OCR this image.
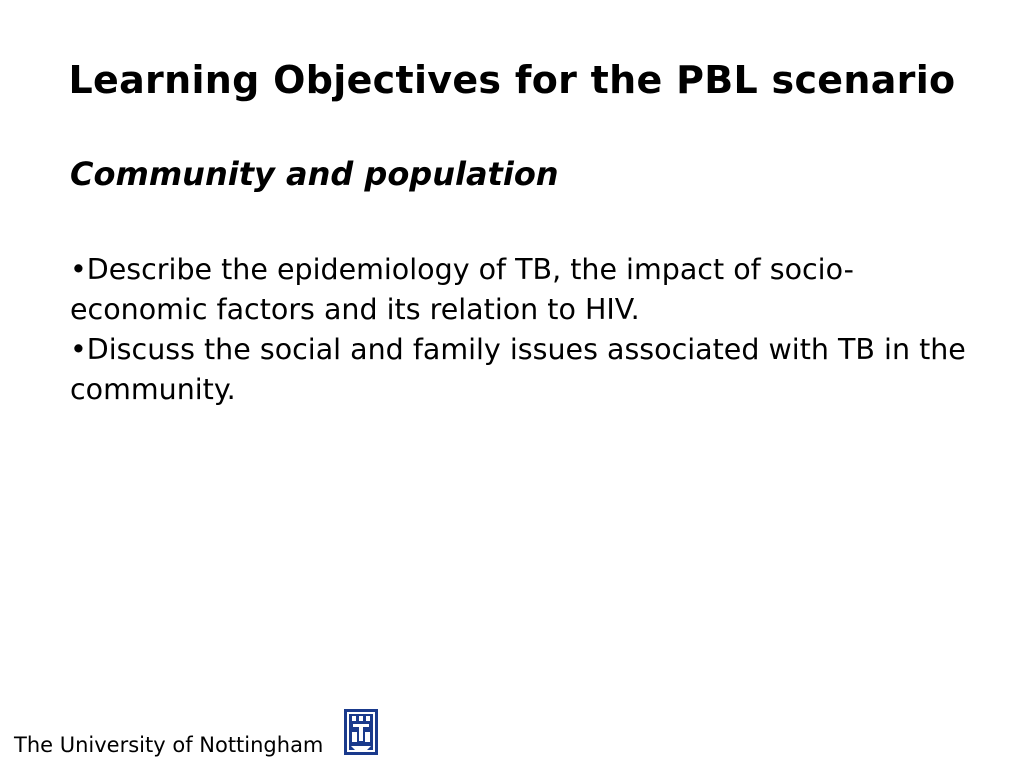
Learning Objectives for the PBL scenario
Community and population
•Describe the epidemiology of TB, the impact of socio-economic factors and its relation to HIV.
•Discuss the social and family issues associated with TB in the community.
The University of Nottingham
